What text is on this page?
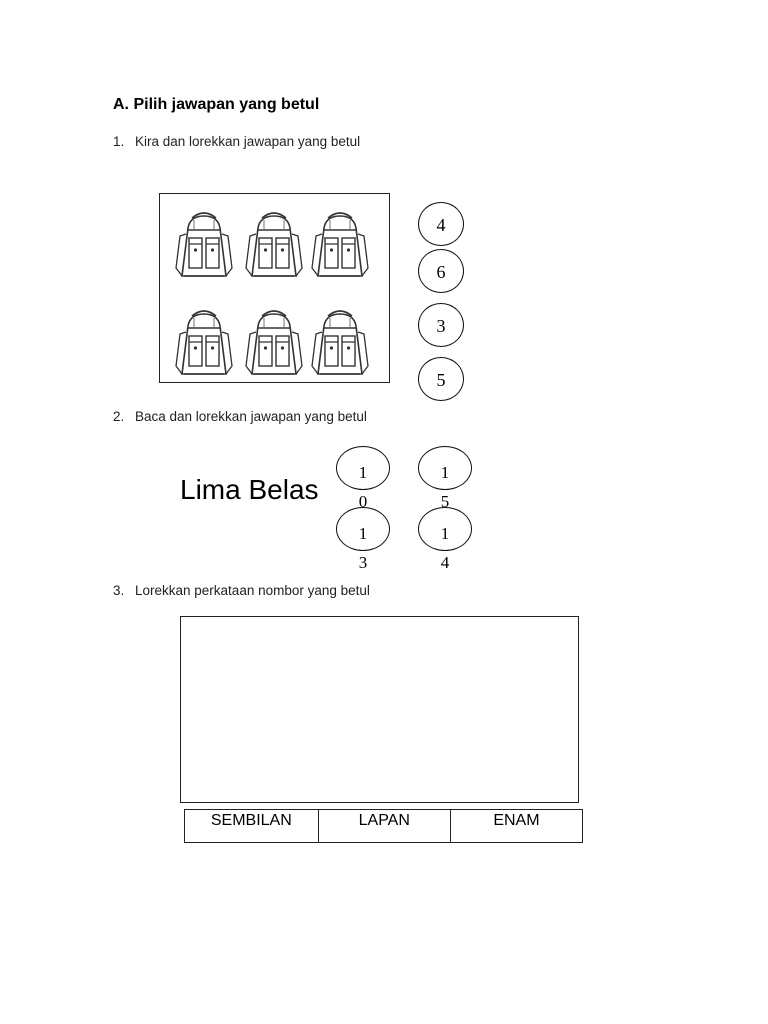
A. Pilih jawapan yang betul
1. Kira dan lorekkan jawapan yang betul
4
6
3
5
2. Baca dan lorekkan jawapan yang betul
Lima Belas
10
15
13
14
3. Lorekkan perkataan nombor yang betul
SEMBILAN	LAPAN	ENAM
